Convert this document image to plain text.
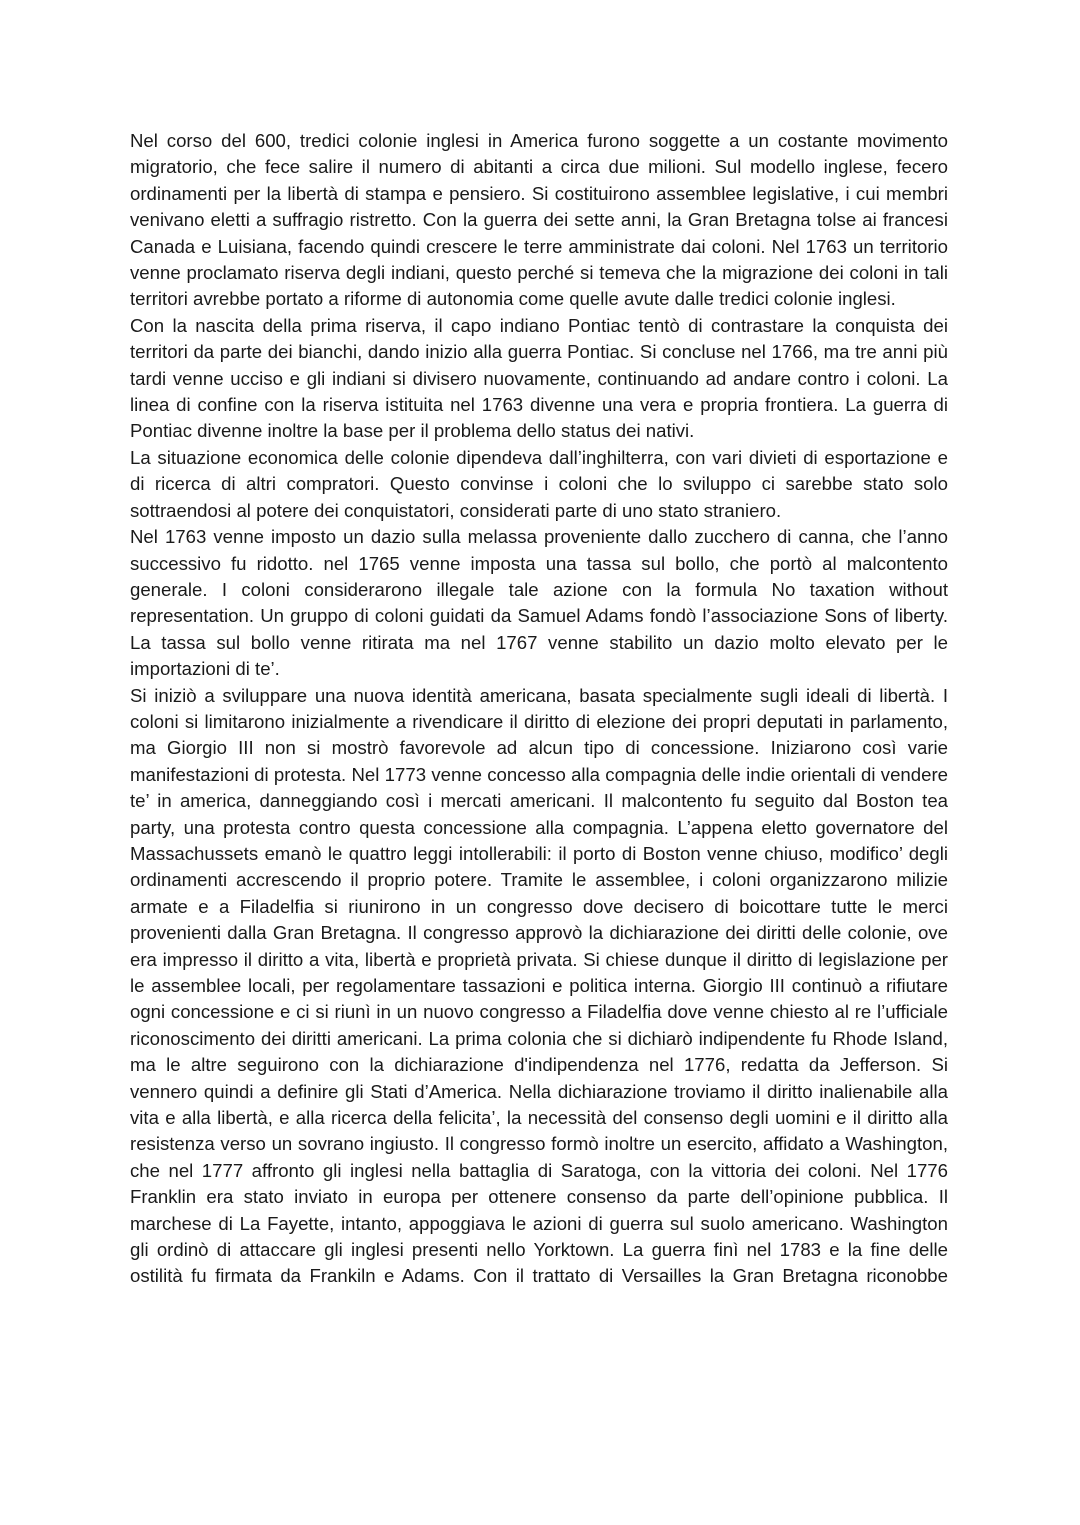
Nel corso del 600, tredici colonie inglesi in America furono soggette a un costante movimento migratorio, che fece salire il numero di abitanti a circa due milioni. Sul modello inglese, fecero ordinamenti per la libertà di stampa e pensiero. Si costituirono assemblee legislative, i cui membri venivano eletti a suffragio ristretto. Con la guerra dei sette anni, la Gran Bretagna tolse ai francesi Canada e Luisiana, facendo quindi crescere le terre amministrate dai coloni. Nel 1763 un territorio venne proclamato riserva degli indiani, questo perché si temeva che la migrazione dei coloni in tali territori avrebbe portato a riforme di autonomia come quelle avute dalle tredici colonie inglesi.

Con la nascita della prima riserva, il capo indiano Pontiac tentò di contrastare la conquista dei territori da parte dei bianchi, dando inizio alla guerra Pontiac. Si concluse nel 1766, ma tre anni più tardi venne ucciso e gli indiani si divisero nuovamente, continuando ad andare contro i coloni. La linea di confine con la riserva istituita nel 1763 divenne una vera e propria frontiera. La guerra di Pontiac divenne inoltre la base per il problema dello status dei nativi.

La situazione economica delle colonie dipendeva dall’inghilterra, con vari divieti di esportazione e di ricerca di altri compratori. Questo convinse i coloni che lo sviluppo ci sarebbe stato solo sottraendosi al potere dei conquistatori, considerati parte di uno stato straniero.

Nel 1763 venne imposto un dazio sulla melassa proveniente dallo zucchero di canna, che l’anno successivo fu ridotto. nel 1765 venne imposta una tassa sul bollo, che portò al malcontento generale. I coloni considerarono illegale tale azione con la formula No taxation without representation. Un gruppo di coloni guidati da Samuel Adams fondò l’associazione Sons of liberty. La tassa sul bollo venne ritirata ma nel 1767 venne stabilito un dazio molto elevato per le importazioni di te’.

Si iniziò a sviluppare una nuova identità americana, basata specialmente sugli ideali di libertà. I coloni si limitarono inizialmente a rivendicare il diritto di elezione dei propri deputati in parlamento, ma Giorgio III non si mostrò favorevole ad alcun tipo di concessione. Iniziarono così varie manifestazioni di protesta. Nel 1773 venne concesso alla compagnia delle indie orientali di vendere te’ in america, danneggiando così i mercati americani. Il malcontento fu seguito dal Boston tea party, una protesta contro questa concessione alla compagnia. L’appena eletto governatore del Massachussets emanò le quattro leggi intollerabili: il porto di Boston venne chiuso, modifico’ degli ordinamenti accrescendo il proprio potere. Tramite le assemblee, i coloni organizzarono milizie armate e a Filadelfia si riunirono in un congresso dove decisero di boicottare tutte le merci provenienti dalla Gran Bretagna. Il congresso approvò la dichiarazione dei diritti delle colonie, ove era impresso il diritto a vita, libertà e proprietà privata. Si chiese dunque il diritto di legislazione per le assemblee locali, per regolamentare tassazioni e politica interna. Giorgio III continuò a rifiutare ogni concessione e ci si riunì in un nuovo congresso a Filadelfia dove venne chiesto al re l’ufficiale riconoscimento dei diritti americani. La prima colonia che si dichiarò indipendente fu Rhode Island, ma le altre seguirono con la dichiarazione d'indipendenza nel 1776, redatta da Jefferson. Si vennero quindi a definire gli Stati d’America. Nella dichiarazione troviamo il diritto inalienabile alla vita e alla libertà, e alla ricerca della felicita’, la necessità del consenso degli uomini e il diritto alla resistenza verso un sovrano ingiusto. Il congresso formò inoltre un esercito, affidato a Washington, che nel 1777 affronto gli inglesi nella battaglia di Saratoga, con la vittoria dei coloni. Nel 1776 Franklin era stato inviato in europa per ottenere consenso da parte dell’opinione pubblica. Il marchese di La Fayette, intanto, appoggiava le azioni di guerra sul suolo americano. Washington gli ordinò di attaccare gli inglesi presenti nello Yorktown. La guerra finì nel 1783 e la fine delle ostilità fu firmata da Frankiln e Adams. Con il trattato di Versailles la Gran Bretagna riconobbe
